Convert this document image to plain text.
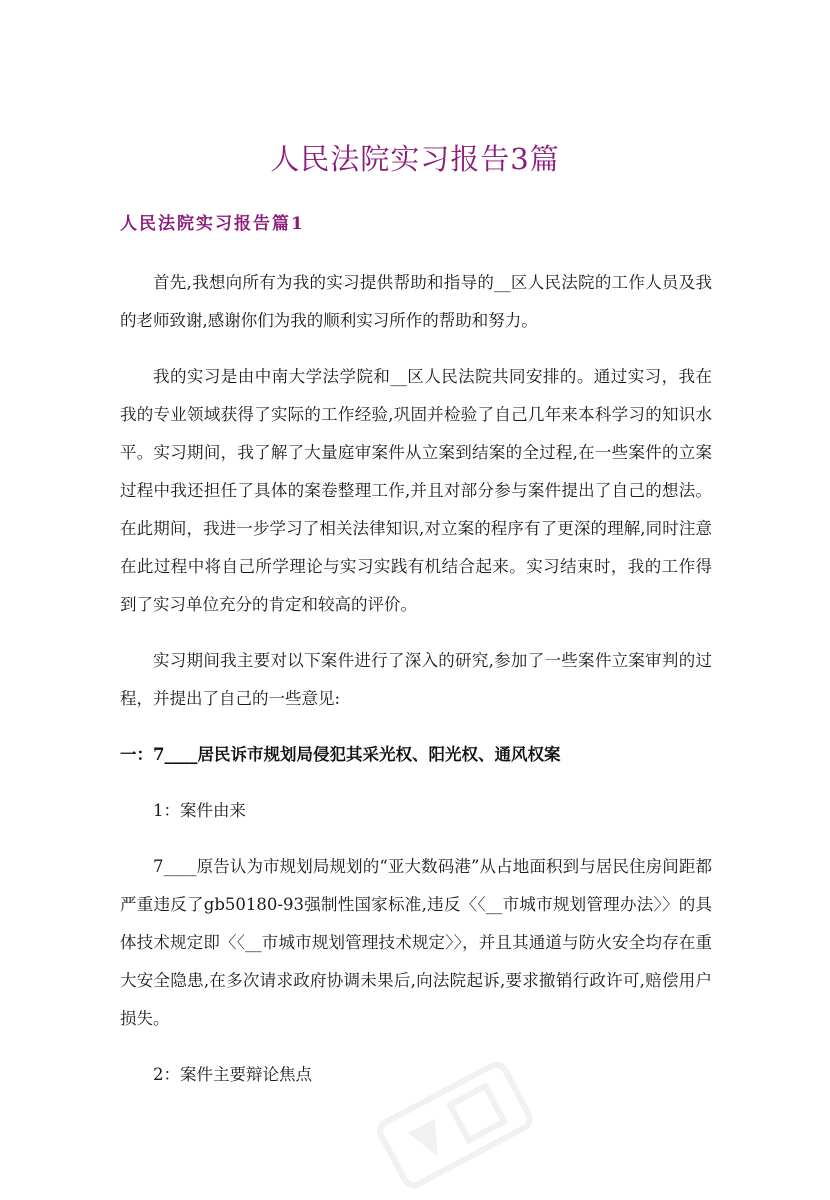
人民法院实习报告3篇
人民法院实习报告篇1

首先,我想向所有为我的实习提供帮助和指导的__区人民法院的工作人员及我的老师致谢,感谢你们为我的顺利实习所作的帮助和努力。

我的实习是由中南大学法学院和__区人民法院共同安排的。通过实习，我在我的专业领域获得了实际的工作经验,巩固并检验了自己几年来本科学习的知识水平。实习期间，我了解了大量庭审案件从立案到结案的全过程,在一些案件的立案过程中我还担任了具体的案卷整理工作,并且对部分参与案件提出了自己的想法。在此期间，我进一步学习了相关法律知识,对立案的程序有了更深的理解,同时注意在此过程中将自己所学理论与实习实践有机结合起来。实习结束时，我的工作得到了实习单位充分的肯定和较高的评价。

实习期间我主要对以下案件进行了深入的研究,参加了一些案件立案审判的过程，并提出了自己的一些意见:

一：7____居民诉市规划局侵犯其采光权、阳光权、通风权案

1：案件由来

7____原告认为市规划局规划的“亚大数码港”从占地面积到与居民住房间距都严重违反了gb50180-93强制性国家标准,违反〈〈__市城市规划管理办法〉〉的具体技术规定即〈〈__市城市规划管理技术规定〉〉，并且其通道与防火安全均存在重大安全隐患,在多次请求政府协调未果后,向法院起诉,要求撤销行政许可,赔偿用户损失。

2：案件主要辩论焦点
